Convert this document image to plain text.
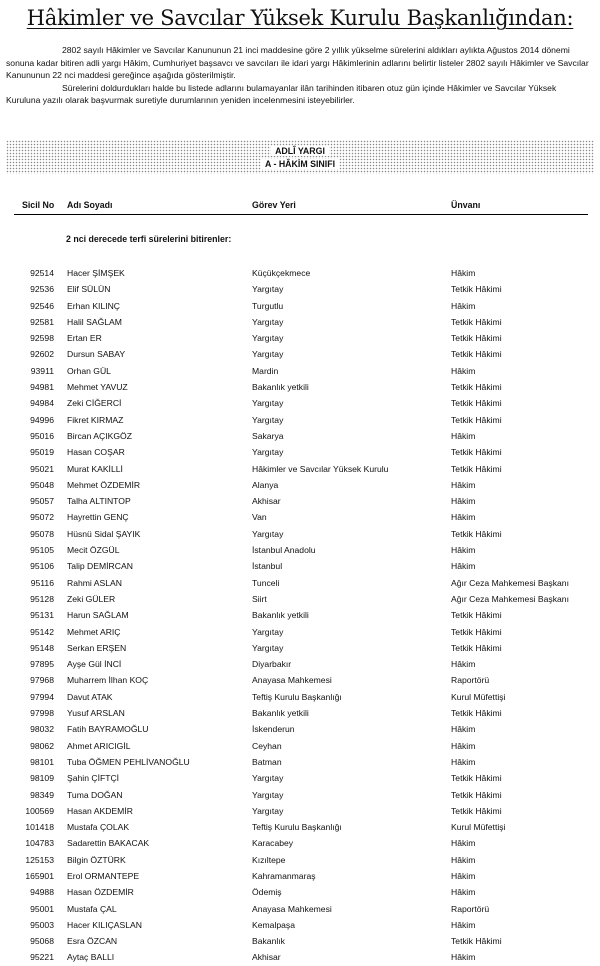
Hâkimler ve Savcılar Yüksek Kurulu Başkanlığından:

2802 sayılı Hâkimler ve Savcılar Kanununun 21 inci maddesine göre 2 yıllık yükselme sürelerini aldıkları aylıkta Ağustos 2014 dönemi sonuna kadar bitiren adli yargı Hâkim, Cumhuriyet başsavcı ve savcıları ile idari yargı Hâkimlerinin adlarını belirtir listeler 2802 sayılı Hâkimler ve Savcılar Kanununun 22 nci maddesi gereğince aşağıda gösterilmiştir.

Sürelerini doldurdukları halde bu listede adlarını bulamayanlar ilân tarihinden itibaren otuz gün içinde Hâkimler ve Savcılar Yüksek Kuruluna yazılı olarak başvurmak suretiyle durumlarının yeniden incelenmesini isteyebilirler.

ADLÎ YARGI
A - HÂKİM SINIFI
Sicil No Adı Soyadı	Görev Yeri	Ünvanı
2 nci derecede terfi sürelerini bitirenler:
92514 Hacer ŞİMŞEK	Küçükçekmece	Hâkim
92536 Elif SÜLÜN	Yargıtay	Tetkik Hâkimi
92546 Erhan KILINÇ	Turgutlu	Hâkim
92581 Halil SAĞLAM	Yargıtay	Tetkik Hâkimi
92598 Ertan ER	Yargıtay	Tetkik Hâkimi
92602 Dursun SABAY	Yargıtay	Tetkik Hâkimi
93911 Orhan GÜL	Mardin	Hâkim
94981 Mehmet YAVUZ	Bakanlık yetkili	Tetkik Hâkimi
94984 Zeki CİĞERCİ	Yargıtay	Tetkik Hâkimi
94996 Fikret KIRMAZ	Yargıtay	Tetkik Hâkimi
95016 Bircan AÇIKGÖZ	Sakarya	Hâkim
95019 Hasan COŞAR	Yargıtay	Tetkik Hâkimi
95021 Murat KAKİLLİ	Hâkimler ve Savcılar Yüksek Kurulu	Tetkik Hâkimi
95048 Mehmet ÖZDEMİR	Alanya	Hâkim
95057 Talha ALTINTOP	Akhisar	Hâkim
95072 Hayrettin GENÇ	Van	Hâkim
95078 Hüsnü Sidal ŞAYIK	Yargıtay	Tetkik Hâkimi
95105 Mecit ÖZGÜL	İstanbul Anadolu	Hâkim
95106 Talip DEMİRCAN	İstanbul	Hâkim
95116 Rahmi ASLAN	Tunceli	Ağır Ceza Mahkemesi Başkanı
95128 Zeki GÜLER	Siirt	Ağır Ceza Mahkemesi Başkanı
95131 Harun SAĞLAM	Bakanlık yetkili	Tetkik Hâkimi
95142 Mehmet ARIÇ	Yargıtay	Tetkik Hâkimi
95148 Serkan ERŞEN	Yargıtay	Tetkik Hâkimi
97895 Ayşe Gül İNCİ	Diyarbakır	Hâkim
97968 Muharrem İlhan KOÇ	Anayasa Mahkemesi	Raportörü
97994 Davut ATAK	Teftiş Kurulu Başkanlığı	Kurul Müfettişi
97998 Yusuf ARSLAN	Bakanlık yetkili	Tetkik Hâkimi
98032 Fatih BAYRAMOĞLU	İskenderun	Hâkim
98062 Ahmet ARICIGİL	Ceyhan	Hâkim
98101 Tuba ÖĞMEN PEHLİVANOĞLU	Batman	Hâkim
98109 Şahin ÇİFTÇİ	Yargıtay	Tetkik Hâkimi
98349 Tuma DOĞAN	Yargıtay	Tetkik Hâkimi
100569 Hasan AKDEMİR	Yargıtay	Tetkik Hâkimi
101418 Mustafa ÇOLAK	Teftiş Kurulu Başkanlığı	Kurul Müfettişi
104783 Sadarettin BAKACAK	Karacabey	Hâkim
125153 Bilgin ÖZTÜRK	Kızıltepe	Hâkim
165901 Erol ORMANTEPE	Kahramanmaraş	Hâkim
94988 Hasan ÖZDEMİR	Ödemiş	Hâkim
95001 Mustafa ÇAL	Anayasa Mahkemesi	Raportörü
95003 Hacer KILIÇASLAN	Kemalpaşa	Hâkim
95068 Esra ÖZCAN	Bakanlık	Tetkik Hâkimi
95221 Aytaç BALLI	Akhisar	Hâkim
